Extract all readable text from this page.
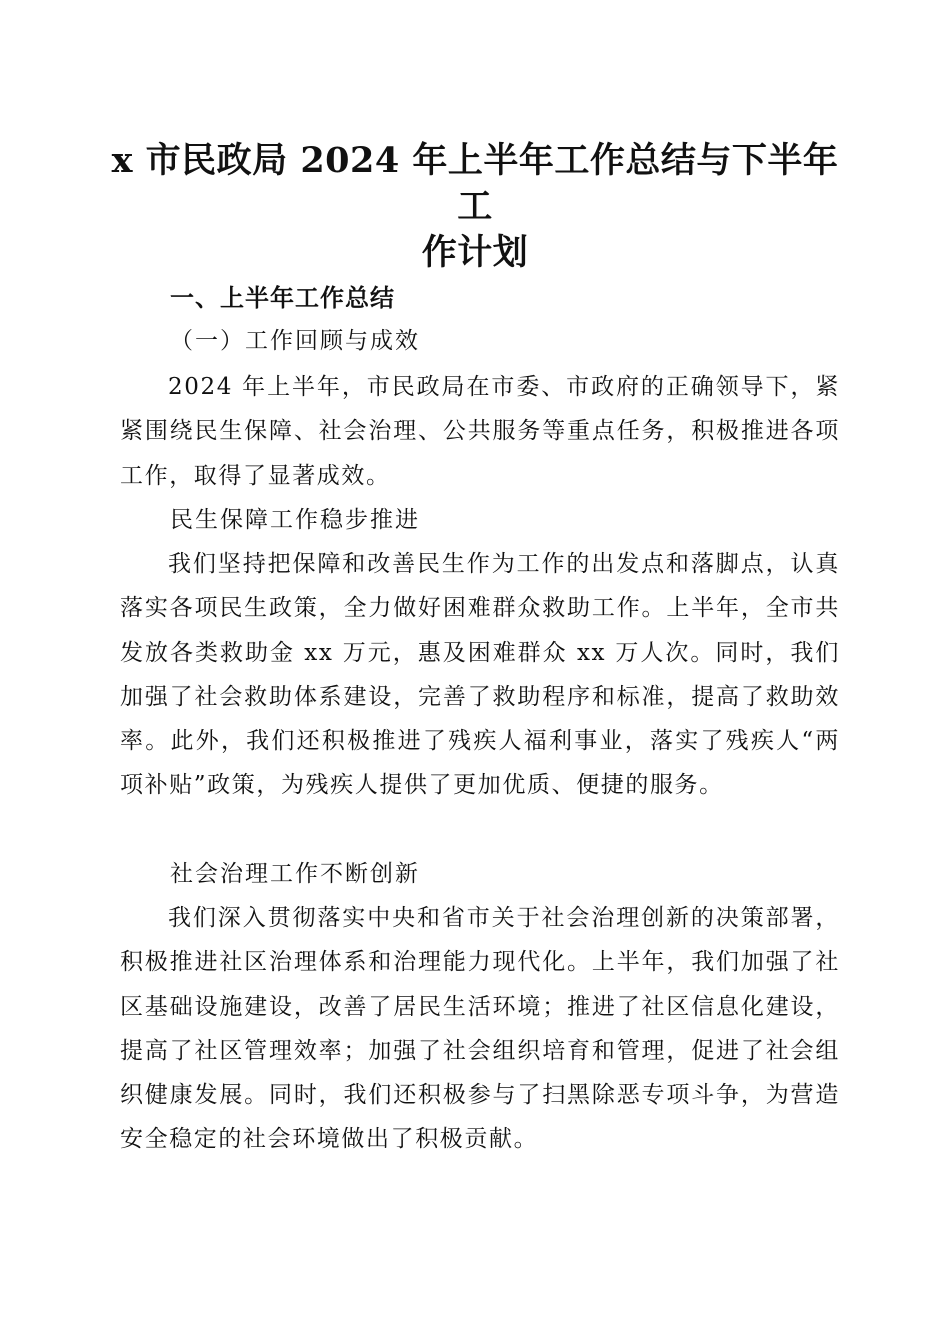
x 市民政局 2024 年上半年工作总结与下半年工
作计划
一、上半年工作总结
（一）工作回顾与成效

2024 年上半年，市民政局在市委、市政府的正确领导下，紧紧围绕民生保障、社会治理、公共服务等重点任务，积极推进各项工作，取得了显著成效。

民生保障工作稳步推进

我们坚持把保障和改善民生作为工作的出发点和落脚点，认真落实各项民生政策，全力做好困难群众救助工作。上半年，全市共发放各类救助金 xx 万元，惠及困难群众 xx 万人次。同时，我们加强了社会救助体系建设，完善了救助程序和标准，提高了救助效率。此外，我们还积极推进了残疾人福利事业，落实了残疾人“两项补贴”政策，为残疾人提供了更加优质、便捷的服务。

社会治理工作不断创新

我们深入贯彻落实中央和省市关于社会治理创新的决策部署，积极推进社区治理体系和治理能力现代化。上半年，我们加强了社区基础设施建设，改善了居民生活环境；推进了社区信息化建设，提高了社区管理效率；加强了社会组织培育和管理，促进了社会组织健康发展。同时，我们还积极参与了扫黑除恶专项斗争，为营造安全稳定的社会环境做出了积极贡献。
